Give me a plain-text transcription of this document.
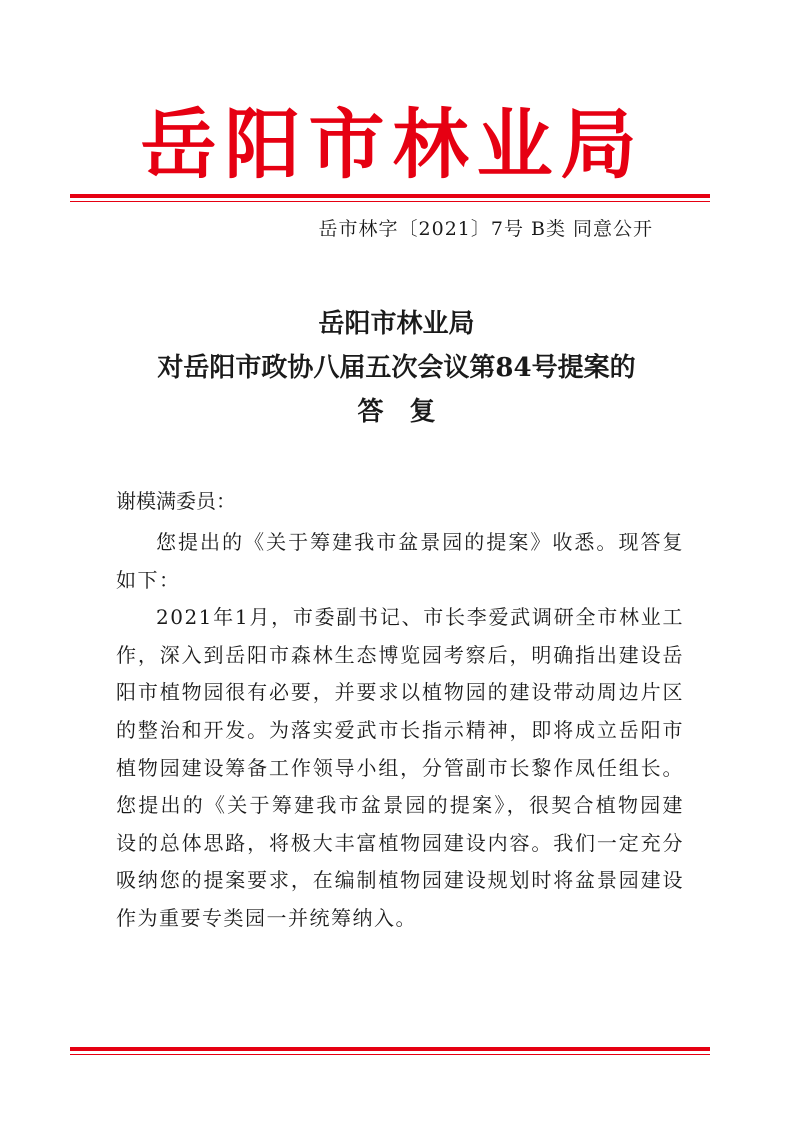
岳阳市林业局
岳市林字〔2021〕7号 B类 同意公开
岳阳市林业局
对岳阳市政协八届五次会议第84号提案的
答复
谢模满委员：

您提出的《关于筹建我市盆景园的提案》收悉。现答复如下：

2021年1月，市委副书记、市长李爱武调研全市林业工作，深入到岳阳市森林生态博览园考察后，明确指出建设岳阳市植物园很有必要，并要求以植物园的建设带动周边片区的整治和开发。为落实爱武市长指示精神，即将成立岳阳市植物园建设筹备工作领导小组，分管副市长黎作凤任组长。您提出的《关于筹建我市盆景园的提案》，很契合植物园建设的总体思路，将极大丰富植物园建设内容。我们一定充分吸纳您的提案要求，在编制植物园建设规划时将盆景园建设作为重要专类园一并统筹纳入。
